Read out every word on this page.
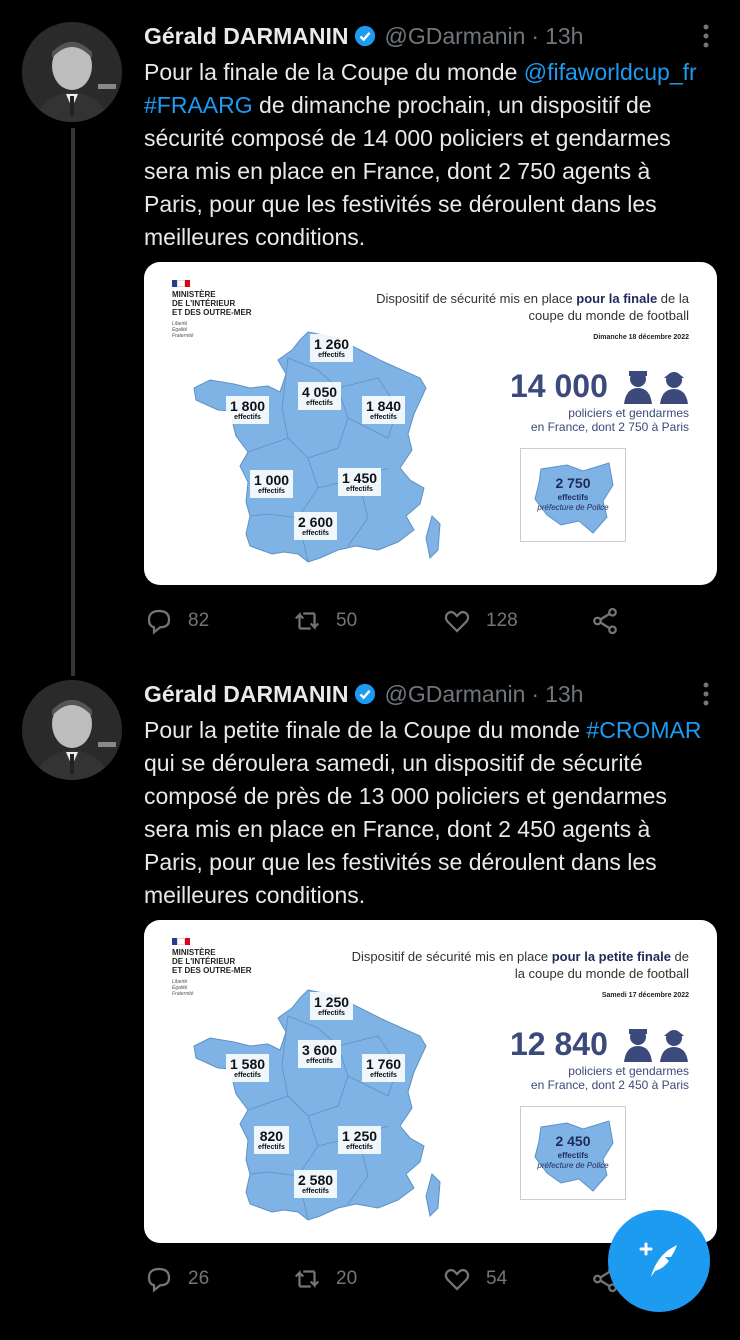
Gérald DARMANIN @GDarmanin · 13h
Pour la finale de la Coupe du monde @fifaworldcup_fr #FRAARG de dimanche prochain, un dispositif de sécurité composé de 14 000 policiers et gendarmes sera mis en place en France, dont 2 750 agents à Paris, pour que les festivités se déroulent dans les meilleures conditions.
MINISTÈRE
DE L'INTÉRIEUR
ET DES OUTRE-MER
Liberté
Égalité
Fraternité
Dispositif de sécurité mis en place pour la finale de la coupe du monde de football
Dimanche 18 décembre 2022
1 260
effectifs
1 800
effectifs
4 050
effectifs 1 840
effectifs
1 000
effectifs
1 450
effectifs
2 600
effectifs
14 000
policiers et gendarmes
en France, dont 2 750 à Paris
2 750
effectifs
préfecture de Police
82	50	128
Gérald DARMANIN @GDarmanin · 13h
Pour la petite finale de la Coupe du monde #CROMAR qui se déroulera samedi, un dispositif de sécurité composé de près de 13 000 policiers et gendarmes sera mis en place en France, dont 2 450 agents à Paris, pour que les festivités se déroulent dans les meilleures conditions.
MINISTÈRE
DE L'INTÉRIEUR
ET DES OUTRE-MER
Liberté
Égalité
Fraternité
Dispositif de sécurité mis en place pour la petite finale de la coupe du monde de football
Samedi 17 décembre 2022
1 250
effectifs
1 580
effectifs
3 600
effectifs 1 760
effectifs
820
effectifs
1 250
effectifs
2 580
effectifs
12 840
policiers et gendarmes
en France, dont 2 450 à Paris
2 450
effectifs
préfecture de Police
26	20	54
